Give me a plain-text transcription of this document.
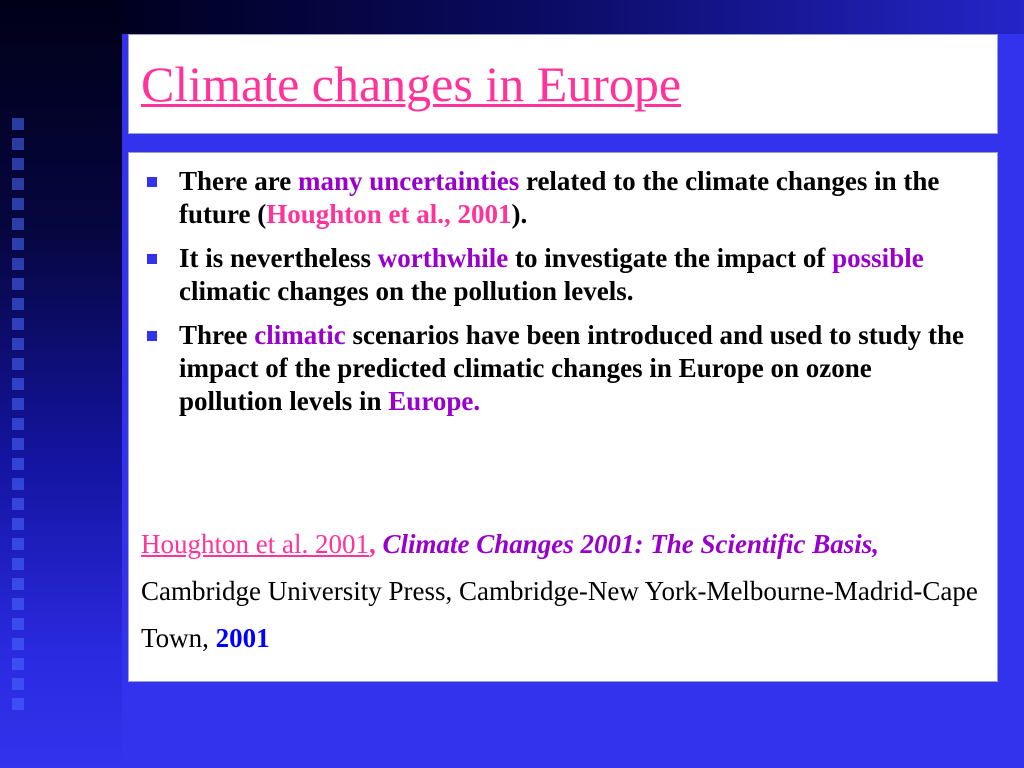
Climate changes in Europe
There are many uncertainties related to the climate changes in the future (Houghton et al., 2001).
It is nevertheless worthwhile to investigate the impact of possible climatic changes on the pollution levels.
Three climatic scenarios have been introduced and used to study the impact of the predicted climatic changes in Europe on ozone pollution levels in Europe.
Houghton et al. 2001, Climate Changes 2001: The Scientific Basis, Cambridge University Press, Cambridge-New York-Melbourne-Madrid-Cape Town, 2001
